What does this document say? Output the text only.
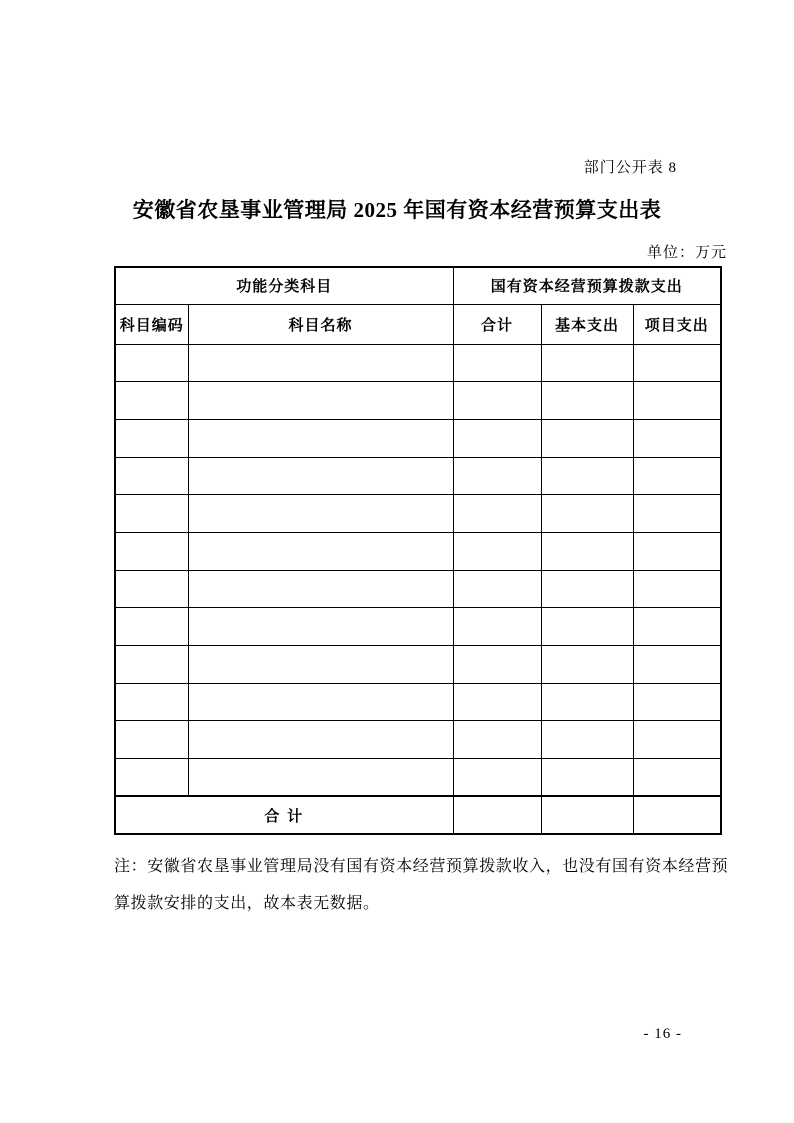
部门公开表 8
安徽省农垦事业管理局 2025 年国有资本经营预算支出表
单位：万元
功能分类科目		国有资本经营预算拨款支出		
科目编码	科目名称	合计	基本支出	项目支出

合 计				
注：安徽省农垦事业管理局没有国有资本经营预算拨款收入，也没有国有资本经营预
算拨款安排的支出，故本表无数据。
- 16 -
